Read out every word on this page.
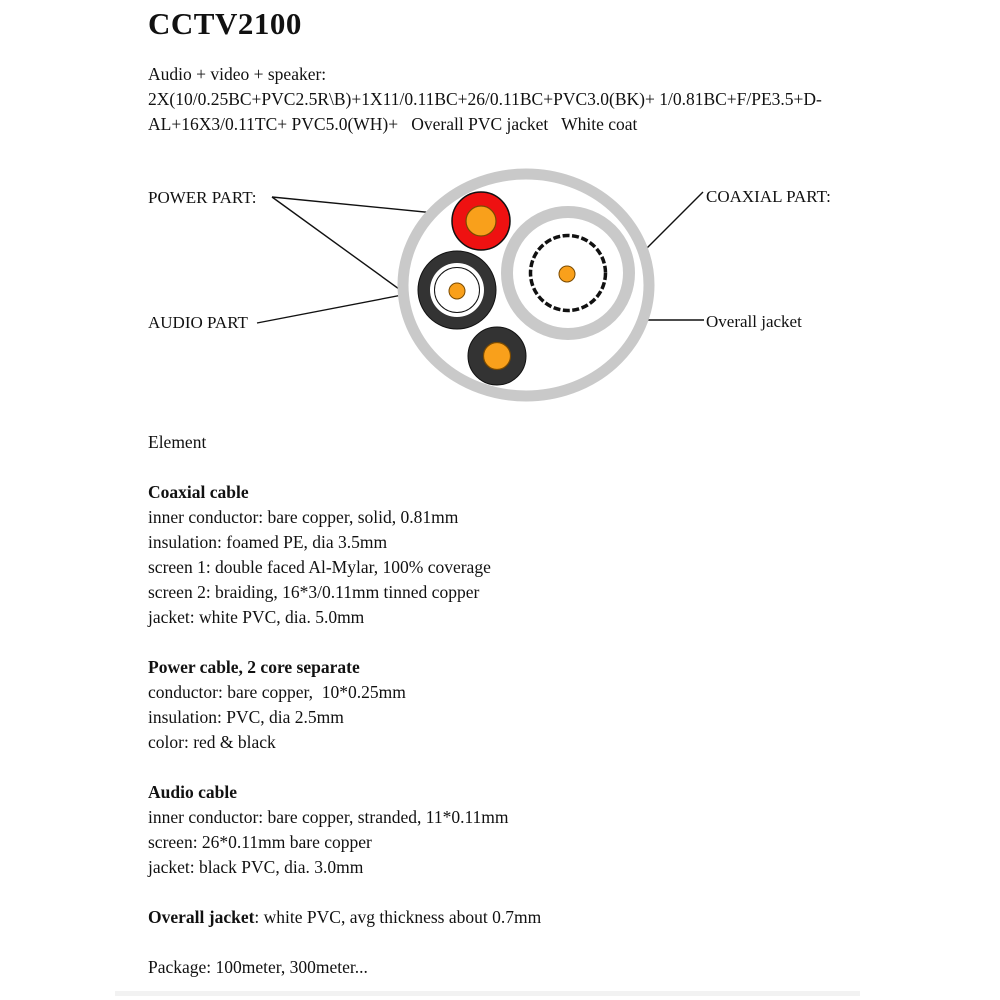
CCTV2100
Audio + video + speaker:
2X(10/0.25BC+PVC2.5R\B)+1X11/0.11BC+26/0.11BC+PVC3.0(BK)+ 1/0.81BC+F/PE3.5+D-
AL+16X3/0.11TC+ PVC5.0(WH)+   Overall PVC jacket   White coat
POWER PART:
AUDIO PART
COAXIAL PART:
Overall jacket
Element
Coaxial cable
inner conductor: bare copper, solid, 0.81mm
insulation: foamed PE, dia 3.5mm
screen 1: double faced Al-Mylar, 100% coverage
screen 2: braiding, 16*3/0.11mm tinned copper
jacket: white PVC, dia. 5.0mm
Power cable, 2 core separate
conductor: bare copper,  10*0.25mm
insulation: PVC, dia 2.5mm
color: red & black
Audio cable
inner conductor: bare copper, stranded, 11*0.11mm
screen: 26*0.11mm bare copper
jacket: black PVC, dia. 3.0mm
Overall jacket: white PVC, avg thickness about 0.7mm
Package: 100meter, 300meter...
